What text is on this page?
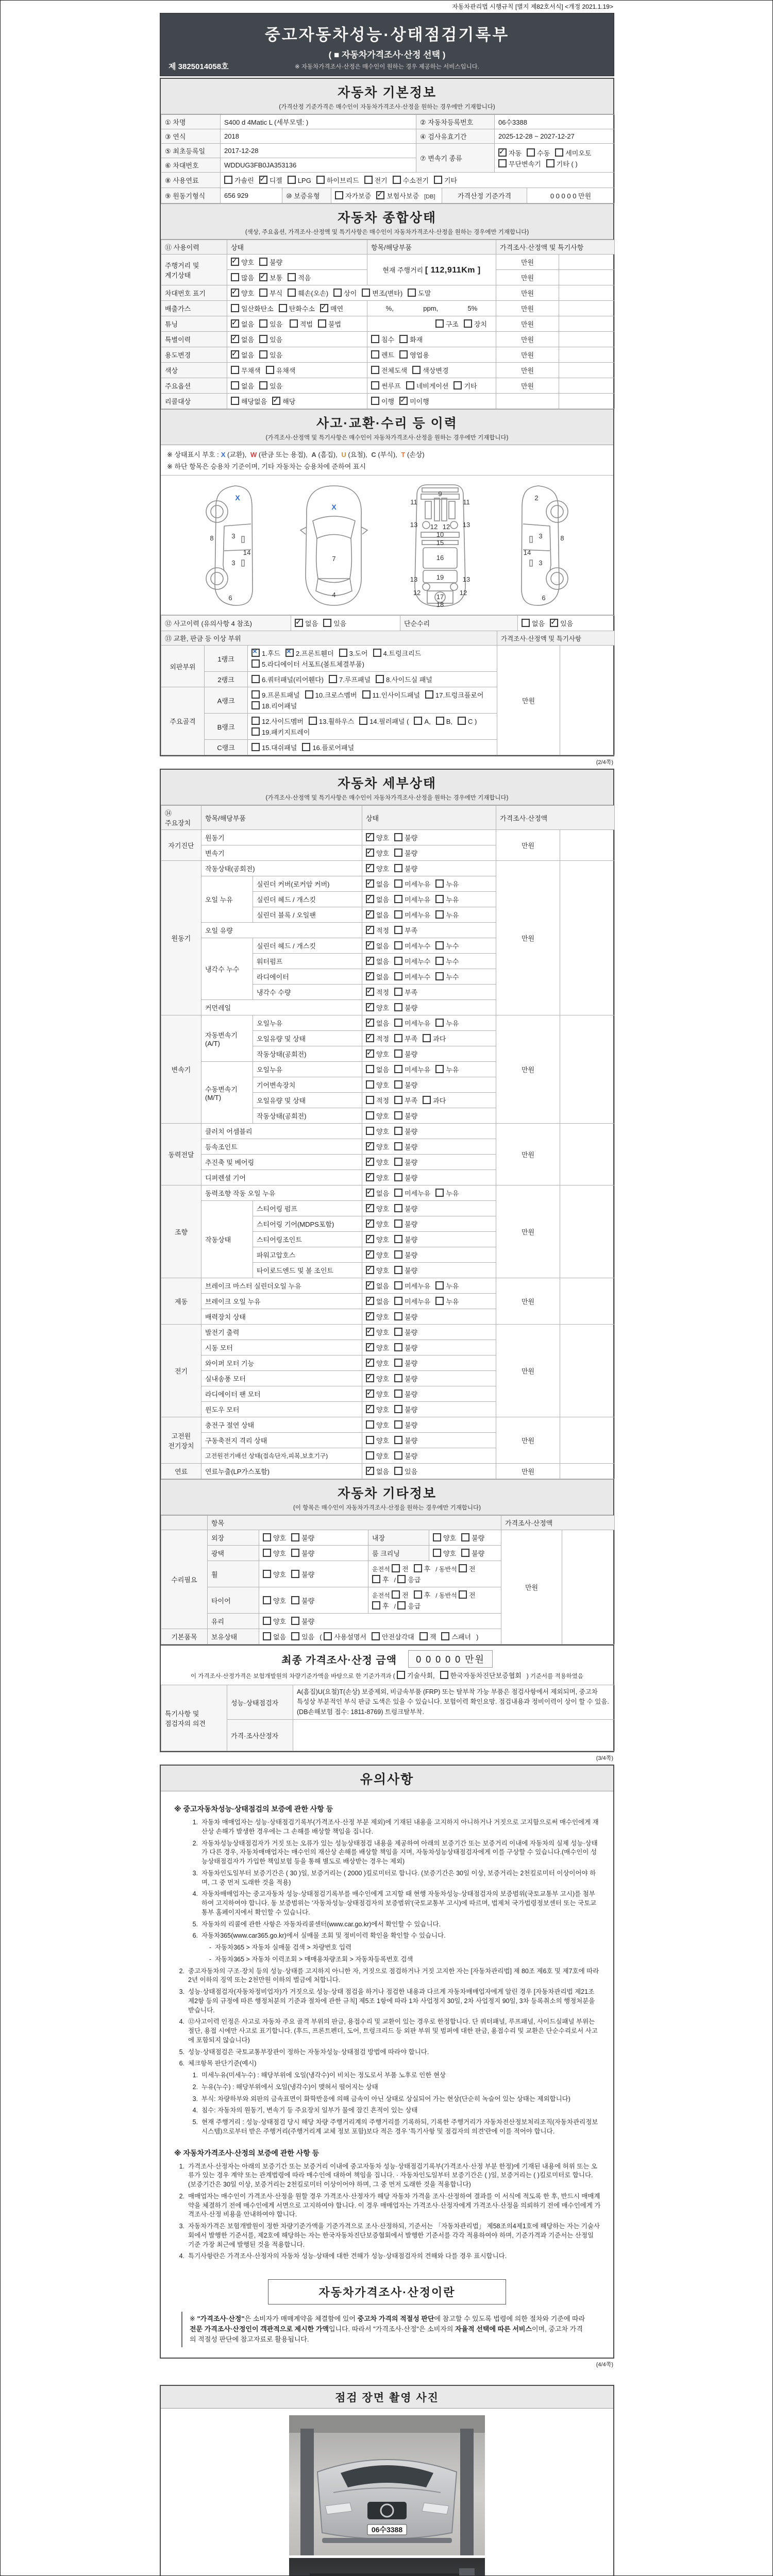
자동차관리법 시행규칙 [별지 제82호서식] <개정 2021.1.19>
중고자동차성능·상태점검기록부
( ■ 자동차가격조사·산정 선택 )
※ 자동차가격조사·산정은 매수인이 원하는 경우 제공하는 서비스입니다.
제 3825014058호
자동차 기본정보
(가격산정 기준가격은 매수인이 자동차가격조사·산정을 원하는 경우에만 기재합니다)
① 차명	S400 d 4Matic L (세부모델: )	② 자동차등록번호	06수3388
③ 연식	2018	④ 검사유효기간	2025-12-28 ~ 2027-12-27
⑤ 최초등록일	2017-12-28	⑦ 변속기 종류	
✓자동 수동 세미오토
무단변속기 기타 ( )

⑥ 차대번호	WDDUG3FB0JA353136		
⑧ 사용연료	가솔린 ✓ 디젤 LPG 하이브리드 전기 수소전기 기타
⑨ 원동기형식	656 929	⑩ 보증유형	자가보증 ✓ 보험사보증 [DB]	가격산정 기준가격	0 0 0 0 0 만원
자동차 종합상태
(색상, 주요옵션, 가격조사·산정액 및 특기사항은 매수인이 자동차가격조사·산정을 원하는 경우에만 기재합니다)
⑪ 사용이력	상태	항목/해당부품	가격조사·산정액 및 특기사항	
주행거리 및 계기상태	✓양호 불량	현재 주행거리 [ 112,911Km ]	만원	
	많음 ✓ 보통 적음		만원	
차대번호 표기	✓양호 부식 훼손(오손) 상이 변조(변타) 도말		만원	
배출가스	일산화탄소 탄화수소 ✓ 매연	%, ppm, 5%	만원	
튜닝	✓없음 있음 적법 불법	구조 장치	만원	
특별이력	✓없음 있음	침수 화재	만원	
용도변경	✓없음 있음	렌트 영업용	만원	
색상	무채색 유채색	전체도색 색상변경	만원	
주요옵션	없음 있음	썬루프 네비게이션 기타	만원	
리콜대상	해당없음 ✓ 해당	이행 ✓ 미이행		
사고·교환·수리 등 이력
(가격조사·산정액 및 특기사항은 매수인이 자동차가격조사·산정을 원하는 경우에만 기재합니다)
※ 상태표시 부호 : X (교환), W (판금 또는 용접), A (흠집), U (요철), C (부식), T (손상)
※ 하단 항목은 승용차 기준이며, 기타 자동차는 승용차에 준하여 표시
X
8	3
14
3
6
X
7
4
11
9
11
13 12 12 13
10
15
16
13	19	13
12
17
12
18
2
3	8
14
3
6
⑫ 사고이력 (유의사항 4 참조)	✓없음 있음	단순수리	없음 ✓ 있음
⑬ 교환, 판금 등 이상 부위			가격조사·산정액 및 특기사항	
외판부위	1랭크	
×1.후드 × 2.프론트휀더 3.도어 4.트렁크리드
5.라디에이터 서포트(볼트체결부품)	만원	
	2랭크	6.쿼터패널(리어휀다) 7.루프패널 8.사이드실 패널		
주요골격	A랭크	9.프론트패널 10.크로스멤버 11.인사이드패널 17.트렁크플로어
18.리어패널		

	B랭크	12.사이드멤버 13.휠하우스 14.필러패널 ( A, B, C )
19.패키지트레이		

	C랭크	15.대쉬패널 16.플로어패널		
(2/4쪽)
자동차 세부상태
(가격조사·산정액 및 특기사항은 매수인이 자동차가격조사·산정을 원하는 경우에만 기재합니다)
⑭ 주요장치	항목/해당부품		상태	가격조사·산정액	
자기진단	원동기	✓양호 불량	만원	
	변속기	✓양호 불량
원동기	작동상태(공회전)	✓양호 불량	만원	
	오일 누유	실린더 커버(로커암 커버)	✓없음 미세누유 누유
		실린더 헤드 / 개스킷	✓없음 미세누유 누유
		실린더 블록 / 오일팬	✓없음 미세누유 누유
	오일 유량	✓적정 부족
	냉각수 누수	실린더 헤드 / 개스킷	✓없음 미세누수 누수
		워터펌프	✓없음 미세누수 누수
		라디에이터	✓없음 미세누수 누수
		냉각수 수량	✓적정 부족
	커먼레일	✓양호 불량
변속기	자동변속기 (A/T)	오일누유	✓없음 미세누유 누유	만원	
		오일유량 및 상태	✓적정 부족 과다
		작동상태(공회전)	✓양호 불량
	수동변속기 (M/T)	오일누유	없음 미세누유 누유		
		기어변속장치	양호 불량		
		오일유량 및 상태	적정 부족 과다		
		작동상태(공회전)	양호 불량		
동력전달	클러치 어셈블리		양호 불량	만원	
	등속조인트	✓양호 불량
	추진축 및 베어링	✓양호 불량
	디퍼렌셜 기어	✓양호 불량
조향	동력조향 작동 오일 누유	✓없음 미세누유 누유	만원	
	작동상태	스티어링 펌프	✓양호 불량
		스티어링 기어(MDPS포함)	✓양호 불량
		스티어링조인트	✓양호 불량
		파워고압호스	✓양호 불량
		타이로드엔드 및 볼 조인트	✓양호 불량
제동	브레이크 마스터 실린더오일 누유	✓없음 미세누유 누유	만원	
	브레이크 오일 누유	✓없음 미세누유 누유
	배력장치 상태	✓양호 불량
전기	발전기 출력	✓양호 불량	만원	
	시동 모터	✓양호 불량
	와이퍼 모터 기능	✓양호 불량
	실내송풍 모터	✓양호 불량
	라디에이터 팬 모터	✓양호 불량
	윈도우 모터	✓양호 불량
고전원 전기장치	충전구 절연 상태		양호 불량	만원	
	구동축전지 격리 상태		양호 불량		
	고전원전기배선 상태(접속단자,피복,보호기구)		양호 불량		
연료	연료누출(LP가스포함)	✓없음 있음	만원	
자동차 기타정보
(이 항목은 매수인이 자동차가격조사·산정을 원하는 경우에만 기재합니다)
	항목				가격조사·산정액	
수리필요	외장	양호 불량	내장	양호 불량	만원	
	광택	양호 불량	룸 크리닝	양호 불량		
	휠	양호 불량	운전석 전 후 / 동반석 전후 / 응급			
	타이어	양호 불량	운전석 전 후 / 동반석 전후 / 응급			
	유리	양호 불량				
기본품목	보유상태	없음 있음 ( 사용설명서 안전삼각대 잭 스패너 )				
최종 가격조사·산정 금액	0 0 0 0 0 만원
이 가격조사·산정가격은 보험개발원의 차량기준가액을 바탕으로 한 기준가격과 ( 기술사회, 한국자동차진단보증협회 ) 기준서를 적용하였음
특기사항 및 점검자의 의견	성능·상태점검자	A(흠집)U(요철)T(손상) 보증제외, 비금속부품 (FRP) 또는 탈부착 가능 부품은 점검사항에서 제외되며, 중고차 특성상 부분적인 부식 판금 도색은 있을 수 있습니다. 보험이력 확인요망. 점검내용과 정비이력이 상이 할 수 있음. (DB손해보험 접수: 1811-8769) 트렁크탈부착.
	가격·조사산정자	
(3/4쪽)
유의사항
※ 중고자동차성능·상태점검의 보증에 관한 사항 등
1. 자동차 매매업자는 성능·상태점검기록부(가격조사·산정 부분 제외)에 기재된 내용을 고지하지 아니하거나 거짓으로 고지함으로써 매수인에게 재산상 손해가 발생한 경우에는 그 손해를 배상할 책임을 집니다.
2. 자동차성능상태점검자가 거짓 또는 오류가 있는 성능상태점검 내용을 제공하여 아래의 보증기간 또는 보증거리 이내에 자동차의 실제 성능·상태가 다른 경우, 자동차매매업자는 매수인의 재산상 손해를 배상할 책임을 지며, 자동차성능상태점검자에게 이를 구상할 수 있습니다.(매수인이 성능상태점검자가 가입한 책임보험 등을 통해 별도로 배상받는 경우는 제외)
3. 자동차인도일부터 보증기간은 ( 30 )일, 보증거리는 ( 2000 )킬로미터로 합니다. (보증기간은 30일 이상, 보증거리는 2천킬로미터 이상이어야 하며, 그 중 먼저 도래한 것을 적용)
4. 자동차매매업자는 중고자동차 성능·상태점검기록부를 매수인에게 고지할 때 현행 자동차성능·상태점검자의 보증범위(국토교통부 고시)를 첨부하여 고지하여야 합니다. 동 보증범위는 '자동차성능·상태점검자의 보증범위'(국토교통부 고시)에 따르며, 법제처 국가법령정보센터 또는 국토교통부 홈페이지에서 확인할 수 있습니다.
5. 자동차의 리콜에 관한 사항은 자동차리콜센터(www.car.go.kr)에서 확인할 수 있습니다.
6. 자동차365(www.car365.go.kr)에서 실매물 조회 및 정비이력 확인을 확인할 수 있습니다.
- 자동차365 > 자동차 실매물 검색 > 차량번호 입력
- 자동차365 > 자동차 이력조회 > 매매용차량조회 > 자동차등록번호 검색
2. 중고자동차의 구조·장치 등의 성능·상태를 고지하지 아니한 자, 거짓으로 점검하거나 거짓 고지한 자는 [자동차관리법] 제 80조 제6호 및 제7호에 따라 2년 이하의 징역 또는 2천만원 이하의 벌금에 처합니다.
3. 성능·상태점검자(자동차정비업자)가 거짓으로 성능·상태 점검을 하거나 점검한 내용과 다르게 자동차매매업자에게 알린 경우 [자동차관리법 제21조 제2항 등의 규정에 따른 행정처분의 기준과 절차에 관한 규칙] 제5조 1항에 따라 1차 사업정지 30일, 2차 사업정지 90일, 3차 등록취소의 행정처분을 받습니다.
4. ⑫사고이력 인정은 사고로 자동차 주요 골격 부위의 판금, 용접수리 및 교환이 있는 경우로 한정합니다. 단 쿼터패널, 루프패널, 사이드실패널 부위는 절단, 용접 시에만 사고로 표기합니다. (후드, 프론트펜더, 도어, 트렁크리드 등 외판 부위 및 범퍼에 대한 판금, 용접수리 및 교환은 단순수리로서 사고에 포함되지 않습니다)
5. 성능·상태점검은 국토교통부장관이 정하는 자동차성능·상태점검 방법에 따라야 합니다.
6. 체크항목 판단기준(예시)
1. 미세누유(미세누수) : 해당부위에 오일(냉각수)이 비치는 정도로서 부품 노후로 인한 현상
2. 누유(누수) : 해당부위에서 오일(냉각수)이 맺혀서 떨어지는 상태
3. 부식: 차량하부와 외판의 금속표면이 화학반응에 의해 금속이 아닌 상태로 상실되어 가는 현상(단순히 녹슬어 있는 상태는 제외합니다)
4. 침수: 자동차의 원동기, 변속기 등 주요장치 일부가 물에 잠긴 흔적이 있는 상태
5. 현재 주행거리 : 성능·상태점검 당시 해당 차량 주행거리계의 주행거리를 기록하되, 기록한 주행거리가 자동차전산정보처리조직(자동차관리정보시스템)으로부터 받은 주행거리(주행거리계 교체 정보 포함)보다 적은 경우 '특기사항 및 점검자의 의견'란에 이를 적어야 합니다.
※ 자동차가격조사·산정의 보증에 관한 사항 등
1. 가격조사·산정자는 아래의 보증기간 또는 보증거리 이내에 중고자동차 성능·상태점검기록부(가격조사·산정 부분 한정)에 기재된 내용에 허위 또는 오류가 있는 경우 계약 또는 관계법령에 따라 매수인에 대하여 책임을 집니다. · 자동차인도일부터 보증기간은 ( )일, 보증거리는 ( )킬로미터로 합니다. (보증기간은 30일 이상, 보증거리는 2천킬로미터 이상이어야 하며, 그 중 먼저 도래한 것을 적용합니다)
2. 매매업자는 매수인이 가격조사·산정을 원할 경우 가격조사·산정자가 해당 자동차 가격을 조사·산정하여 결과를 이 서식에 적도록 한 후, 반드시 매매계약을 체결하기 전에 매수인에게 서면으로 고지하여야 합니다. 이 경우 매매업자는 가격조사·산정자에게 가격조사·산정을 의뢰하기 전에 매수인에게 가격조사·산정 비용을 안내하여야 합니다.
3. 자동차가격은 보험개발원이 정한 차량기준가액을 기준가격으로 조사·산정하되, 기준서는 「자동차관리법」 제58조의4제1호에 해당하는 자는 기술사회에서 발행한 기준서를, 제2호에 해당하는 자는 한국자동차진단보증협회에서 발행한 기준서를 각각 적용하여야 하며, 기준가격과 기준서는 산정일 기준 가장 최근에 발행된 것을 적용합니다.
4. 특기사항란은 가격조사·산정자의 자동차 성능·상태에 대한 견해가 성능·상태점검자의 견해와 다를 경우 표시합니다.
자동차가격조사·산정이란
※ "가격조사·산정"은 소비자가 매매계약을 체결함에 있어 중고차 가격의 적절성 판단에 참고할 수 있도록 법령에 의한 절차와 기준에 따라 전문 가격조사·산정인이 객관적으로 제시한 가액입니다. 따라서 "가격조사·산정"은 소비자의 자율적 선택에 따른 서비스이며, 중고차 가격의 적절성 판단에 참고자료로 활용됩니다.
(4/4쪽)
점검 장면 촬영 사진
06수3388
